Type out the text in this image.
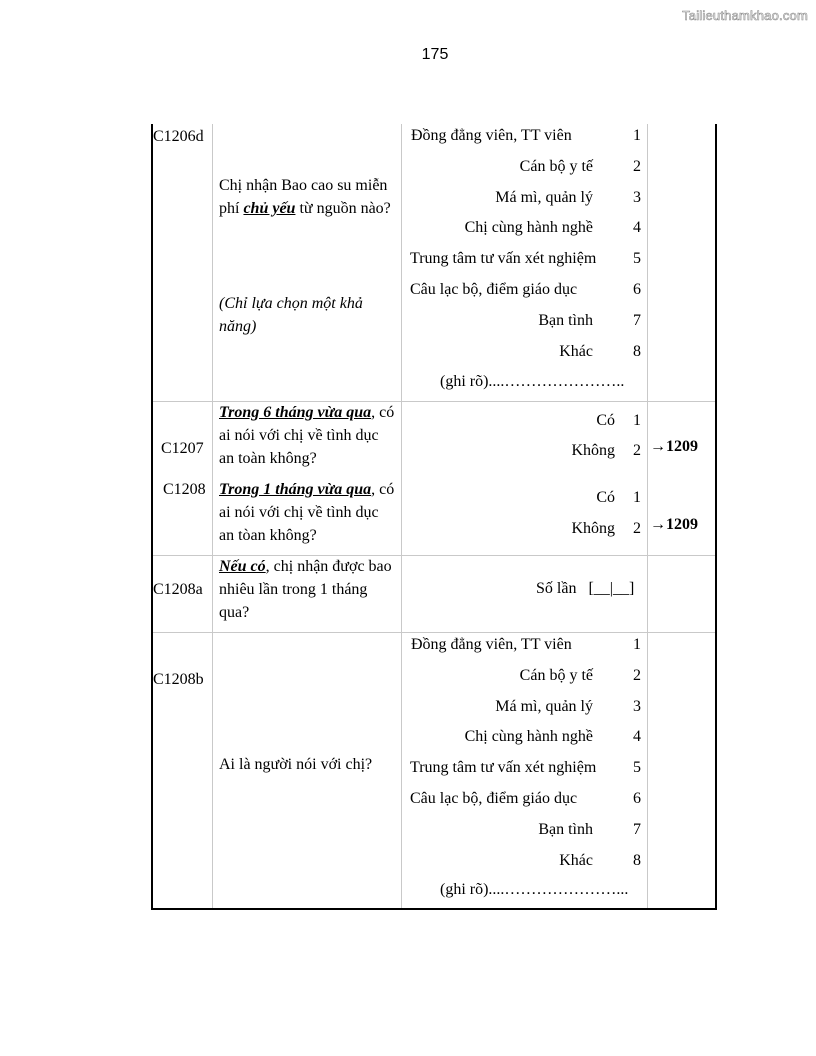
Tailieuthamkhao.com
175
C1206d
Chị nhận Bao cao su miễn phí chủ yếu từ nguồn nào?
(Chỉ lựa chọn một khả năng)
Đồng đẳng viên, TT viên	1
Cán bộ y tế	2
Má mì, quản lý	3
Chị cùng hành nghề	4
Trung tâm tư vấn xét nghiệm	5
Câu lạc bộ, điểm giáo dục	6
Bạn tình	7
Khác	8
(ghi rõ)....…………………..
C1207
Trong 6 tháng vừa qua, có ai nói với chị về tình dục an toàn không?
Có 1
Không 2 →1209
C1208 Trong 1 tháng vừa qua, có ai nói với chị về tình dục an tòan không?
Có 1
Không 2 →1209
C1208a
Nếu có, chị nhận được bao nhiêu lần trong 1 tháng qua?
Số lần   [__|__]
C1208b
Ai là người nói với chị?
Đồng đẳng viên, TT viên	1
Cán bộ y tế	2
Má mì, quản lý	3
Chị cùng hành nghề	4
Trung tâm tư vấn xét nghiệm	5
Câu lạc bộ, điểm giáo dục	6
Bạn tình	7
Khác	8
(ghi rõ)....…………………...
